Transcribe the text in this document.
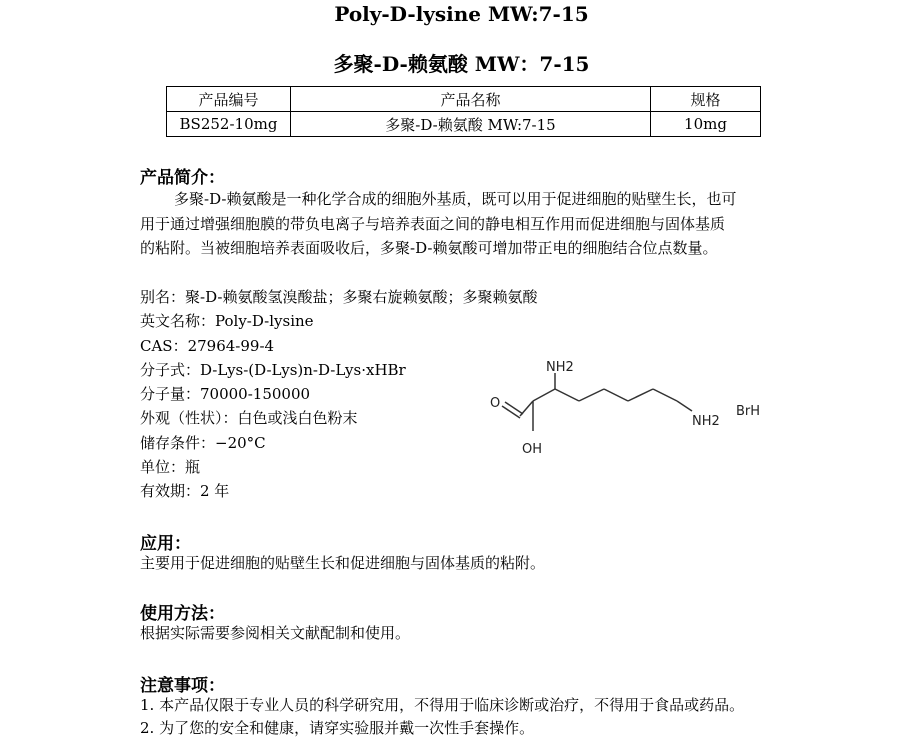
Poly-D-lysine MW:7-15
多聚-D-赖氨酸 MW：7-15
产品编号	产品名称	规格
BS252-10mg	多聚-D-赖氨酸 MW:7-15	10mg
产品简介：
多聚-D-赖氨酸是一种化学合成的细胞外基质，既可以用于促进细胞的贴壁生长，也可
用于通过增强细胞膜的带负电离子与培养表面之间的静电相互作用而促进细胞与固体基质
的粘附。当被细胞培养表面吸收后，多聚-D-赖氨酸可增加带正电的细胞结合位点数量。
别名：聚-D-赖氨酸氢溴酸盐；多聚右旋赖氨酸；多聚赖氨酸
英文名称：Poly-D-lysine
CAS：27964-99-4
分子式：D-Lys-(D-Lys)n-D-Lys·xHBr
分子量：70000-150000
外观（性状）：白色或浅白色粉末
储存条件：−20°C
单位：瓶
有效期：2 年
NH2
O
OH
NH2
BrH
应用：
主要用于促进细胞的贴壁生长和促进细胞与固体基质的粘附。
使用方法：
根据实际需要参阅相关文献配制和使用。
注意事项：
1. 本产品仅限于专业人员的科学研究用，不得用于临床诊断或治疗，不得用于食品或药品。
2. 为了您的安全和健康，请穿实验服并戴一次性手套操作。
